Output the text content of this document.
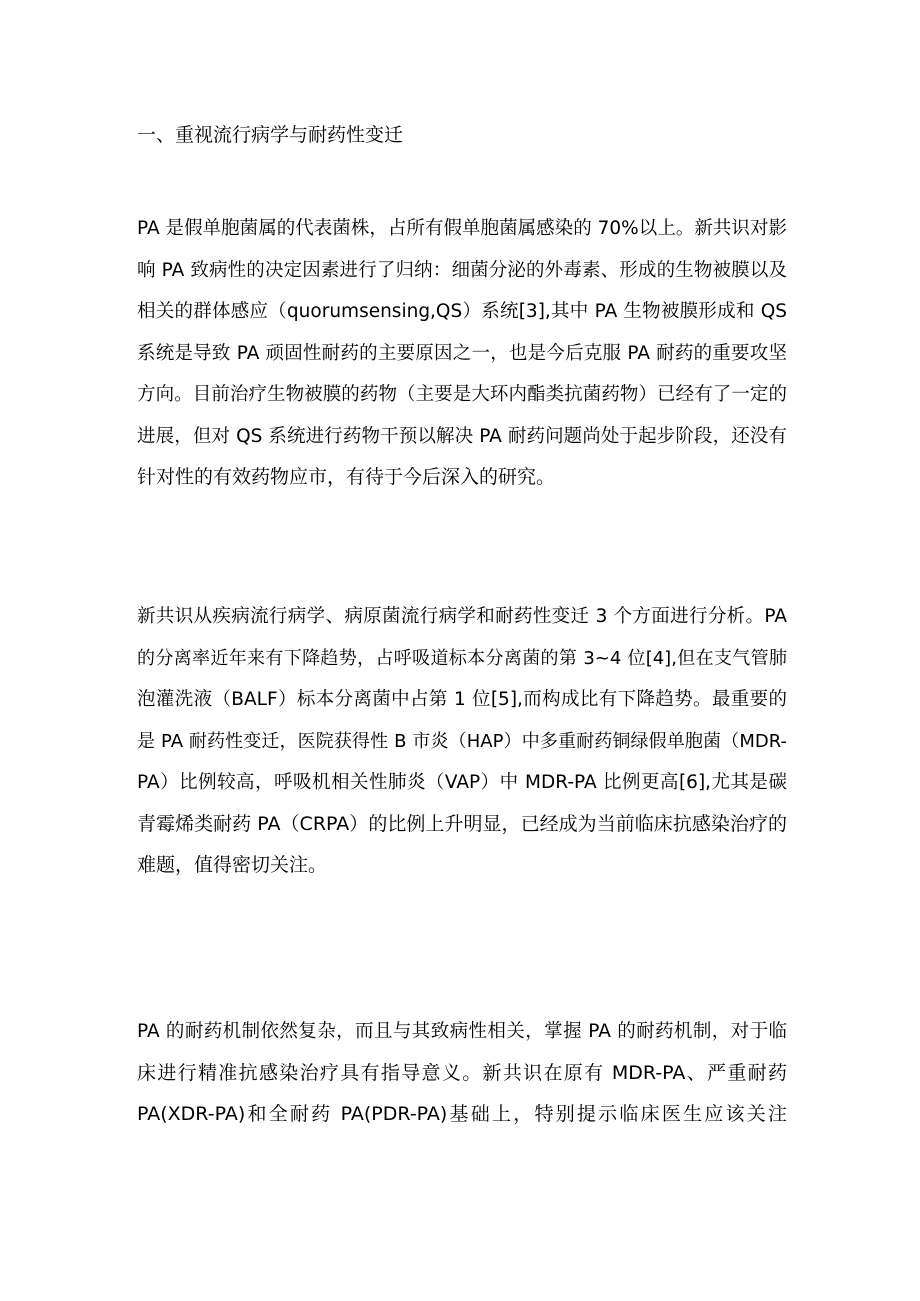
一、重视流行病学与耐药性变迁
PA 是假单胞菌属的代表菌株，占所有假单胞菌属感染的 70%以上。新共识对影
响 PA 致病性的决定因素进行了归纳：细菌分泌的外毒素、形成的生物被膜以及
相关的群体感应（quorumsensing,QS）系统[3],其中 PA 生物被膜形成和 QS
系统是导致 PA 顽固性耐药的主要原因之一，也是今后克服 PA 耐药的重要攻坚
方向。目前治疗生物被膜的药物（主要是大环内酯类抗菌药物）已经有了一定的
进展，但对 QS 系统进行药物干预以解决 PA 耐药问题尚处于起步阶段，还没有
针对性的有效药物应市，有待于今后深入的研究。
新共识从疾病流行病学、病原菌流行病学和耐药性变迁 3 个方面进行分析。PA
的分离率近年来有下降趋势，占呼吸道标本分离菌的第 3~4 位[4],但在支气管肺
泡灌洗液（BALF）标本分离菌中占第 1 位[5],而构成比有下降趋势。最重要的
是 PA 耐药性变迁，医院获得性 B 市炎（HAP）中多重耐药铜绿假单胞菌（MDR-
PA）比例较高，呼吸机相关性肺炎（VAP）中 MDR-PA 比例更高[6],尤其是碳
青霉烯类耐药 PA（CRPA）的比例上升明显，已经成为当前临床抗感染治疗的
难题，值得密切关注。
PA 的耐药机制依然复杂，而且与其致病性相关，掌握 PA 的耐药机制，对于临
床进行精准抗感染治疗具有指导意义。新共识在原有 MDR-PA、严重耐药
PA(XDR-PA)和全耐药 PA(PDR-PA)基础上，特别提示临床医生应该关注
